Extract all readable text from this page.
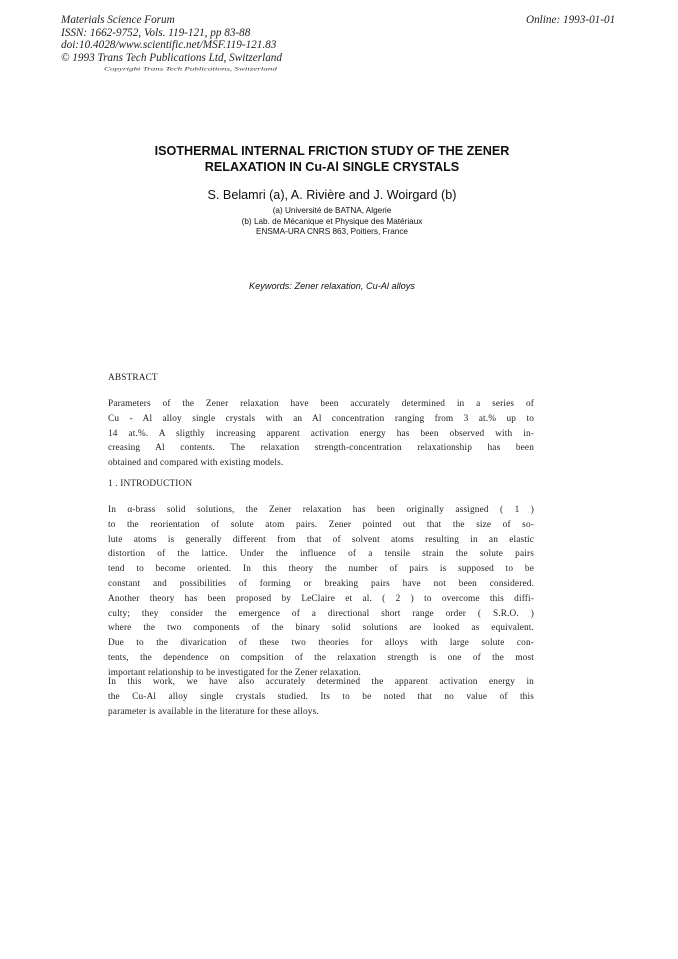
Materials Science Forum
ISSN: 1662-9752, Vols. 119-121, pp 83-88
doi:10.4028/www.scientific.net/MSF.119-121.83
© 1993 Trans Tech Publications Ltd, Switzerland
Online: 1993-01-01
Copyright Trans Tech Publications, Switzerland
ISOTHERMAL INTERNAL FRICTION STUDY OF THE ZENER
RELAXATION IN Cu-Al SINGLE CRYSTALS
S. Belamri (a), A. Rivière and J. Woirgard (b)
(a) Université de BATNA, Algerie
(b) Lab. de Mécanique et Physique des Matériaux
ENSMA-URA CNRS 863, Poitiers, France
Keywords: Zener relaxation, Cu-Al alloys
ABSTRACT
Parameters of the Zener relaxation have been accurately determined in a series of
Cu - Al alloy single crystals with an Al concentration ranging from 3 at.% up to
14 at.%. A sligthly increasing apparent activation energy has been observed with in-
creasing Al contents. The relaxation strength-concentration relaxationship has been
obtained and compared with existing models.
1 . INTRODUCTION
In α-brass solid solutions, the Zener relaxation has been originally assigned ( 1 )
to the reorientation of solute atom pairs. Zener pointed out that the size of so-
lute atoms is generally different from that of solvent atoms resulting in an elastic
distortion of the lattice. Under the influence of a tensile strain the solute pairs
tend to become oriented. In this theory the number of pairs is supposed to be
constant and possibilities of forming or breaking pairs have not been considered.
Another theory has been proposed by LeClaire et al. ( 2 ) to overcome this diffi-
culty; they consider the emergence of a directional short range order ( S.R.O. )
where the two components of the binary solid solutions are looked as equivalent.
Due to the divarication of these two theories for alloys with large solute con-
tents, the dependence on compsition of the relaxation strength is one of the most
important relationship to be investigated for the Zener relaxation.
In this work, we have also accurately determined the apparent activation energy in
the Cu-Al alloy single crystals studied. Its to be noted that no value of this
parameter is available in the literature for these alloys.
